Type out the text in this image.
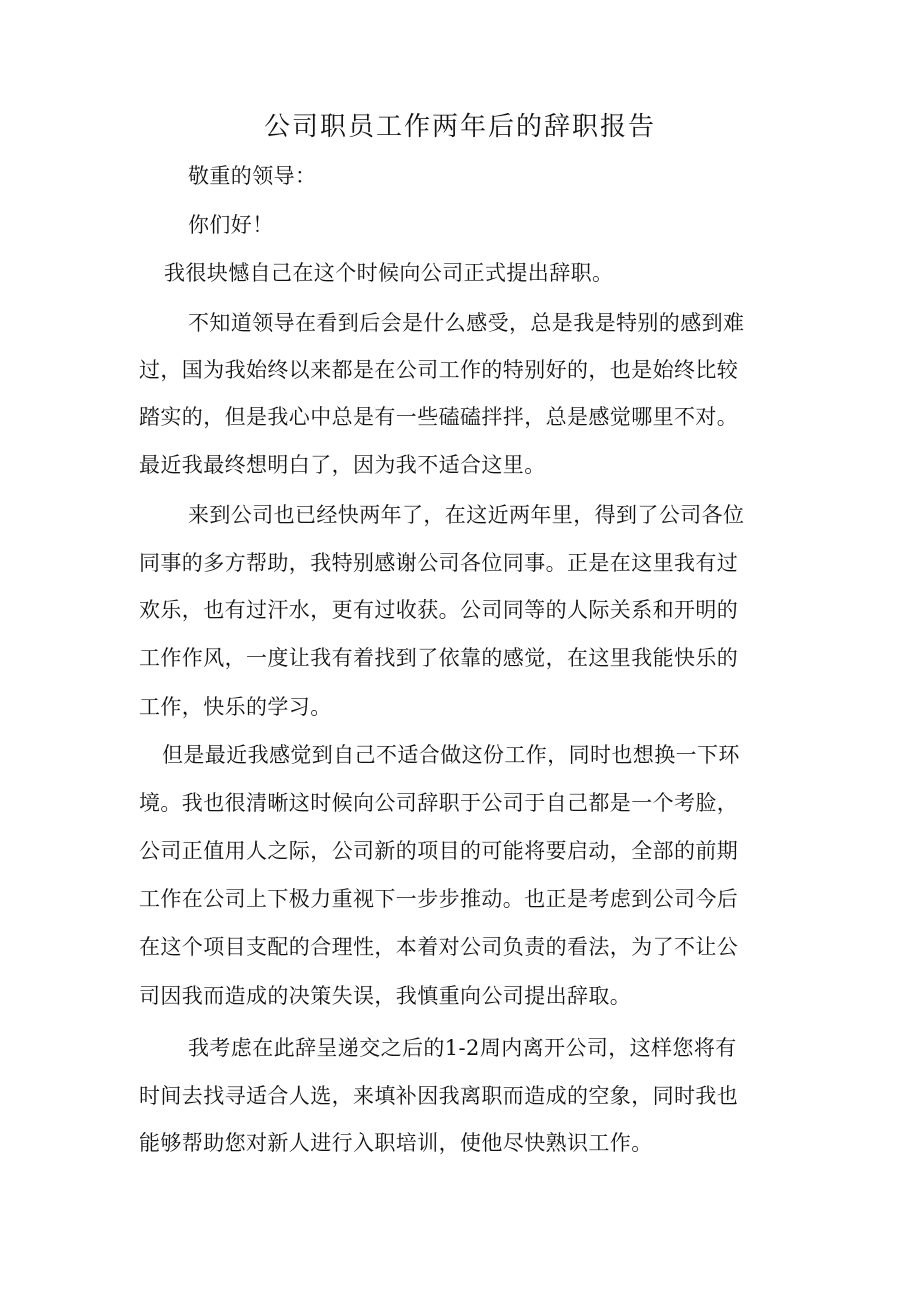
公司职员工作两年后的辞职报告

敬重的领导：

你们好！

我很块憾自己在这个时候向公司正式提出辞职。

不知道领导在看到后会是什么感受，总是我是特别的感到难

过，国为我始终以来都是在公司工作的特别好的，也是始终比较

踏实的，但是我心中总是有一些磕磕拌拌，总是感觉哪里不对。

最近我最终想明白了，因为我不适合这里。

来到公司也已经快两年了，在这近两年里，得到了公司各位

同事的多方帮助，我特别感谢公司各位同事。正是在这里我有过

欢乐，也有过汗水，更有过收获。公司同等的人际关系和开明的

工作作风，一度让我有着找到了依靠的感觉，在这里我能快乐的

工作，快乐的学习。

但是最近我感觉到自己不适合做这份工作，同时也想换一下环

境。我也很清晰这时候向公司辞职于公司于自己都是一个考脸，

公司正值用人之际，公司新的项目的可能将要启动，全部的前期

工作在公司上下极力重视下一步步推动。也正是考虑到公司今后

在这个项目支配的合理性，本着对公司负责的看法，为了不让公

司因我而造成的决策失误，我慎重向公司提出辞取。

我考虑在此辞呈递交之后的1-2周内离开公司，这样您将有

时间去找寻适合人选，来填补因我离职而造成的空象，同时我也

能够帮助您对新人进行入职培训，使他尽快熟识工作。
